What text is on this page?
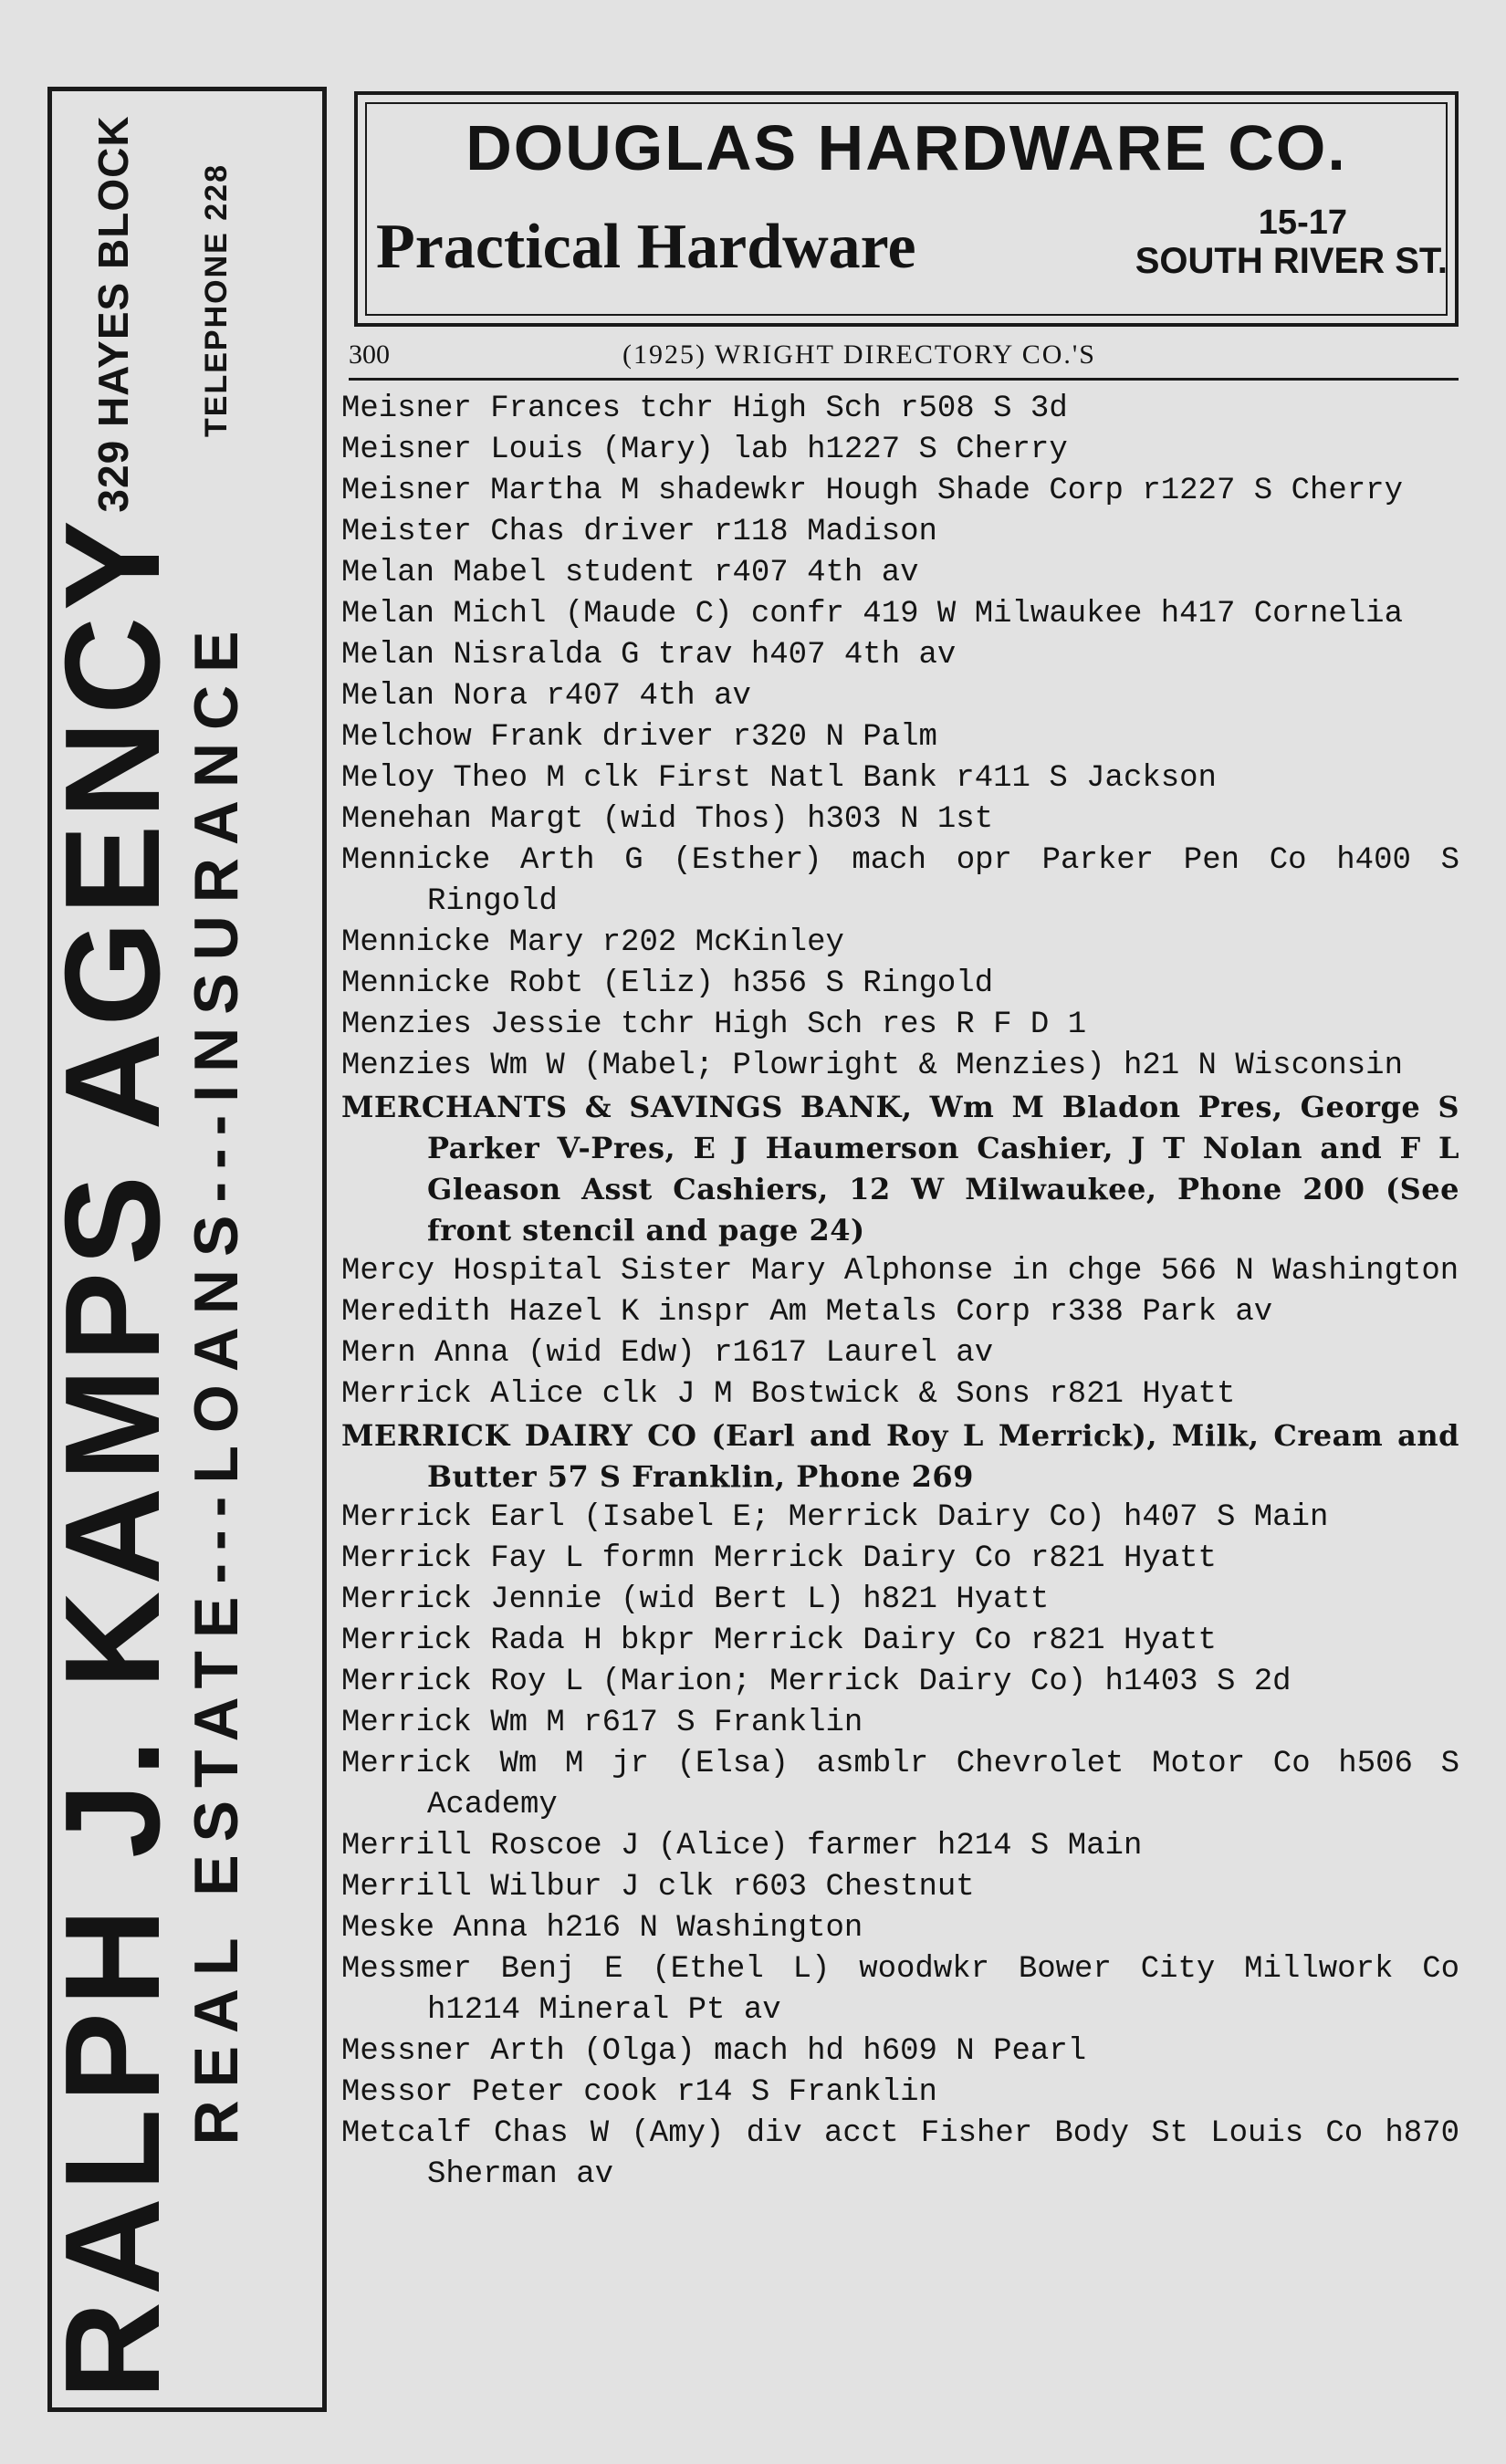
RALPH J. KAMPS AGENCY
329 HAYES BLOCK
REAL ESTATE---LOANS---INSURANCE
TELEPHONE 228
DOUGLAS HARDWARE CO.
Practical Hardware	15-17
SOUTH RIVER ST.
300	(1925) WRIGHT DIRECTORY CO.'S

Meisner Frances tchr High Sch r508 S 3d

Meisner Louis (Mary) lab h1227 S Cherry

Meisner Martha M shadewkr Hough Shade Corp r1227 S Cherry

Meister Chas driver r118 Madison

Melan Mabel student r407 4th av

Melan Michl (Maude C) confr 419 W Milwaukee h417 Cornelia

Melan Nisralda G trav h407 4th av

Melan Nora r407 4th av

Melchow Frank driver r320 N Palm

Meloy Theo M clk First Natl Bank r411 S Jackson

Menehan Margt (wid Thos) h303 N 1st

Mennicke Arth G (Esther) mach opr Parker Pen Co h400 S Ringold

Mennicke Mary r202 McKinley

Mennicke Robt (Eliz) h356 S Ringold

Menzies Jessie tchr High Sch res R F D 1

Menzies Wm W (Mabel; Plowright & Menzies) h21 N Wisconsin

MERCHANTS & SAVINGS BANK, Wm M Bladon Pres, George S Parker V-Pres, E J Haumerson Cashier, J T Nolan and F L Gleason Asst Cashiers, 12 W Milwaukee, Phone 200 (See front stencil and page 24)

Mercy Hospital Sister Mary Alphonse in chge 566 N Washington

Meredith Hazel K inspr Am Metals Corp r338 Park av

Mern Anna (wid Edw) r1617 Laurel av

Merrick Alice clk J M Bostwick & Sons r821 Hyatt

MERRICK DAIRY CO (Earl and Roy L Merrick), Milk, Cream and Butter 57 S Franklin, Phone 269

Merrick Earl (Isabel E; Merrick Dairy Co) h407 S Main

Merrick Fay L formn Merrick Dairy Co r821 Hyatt

Merrick Jennie (wid Bert L) h821 Hyatt

Merrick Rada H bkpr Merrick Dairy Co r821 Hyatt

Merrick Roy L (Marion; Merrick Dairy Co) h1403 S 2d

Merrick Wm M r617 S Franklin

Merrick Wm M jr (Elsa) asmblr Chevrolet Motor Co h506 S Academy

Merrill Roscoe J (Alice) farmer h214 S Main

Merrill Wilbur J clk r603 Chestnut

Meske Anna h216 N Washington

Messmer Benj E (Ethel L) woodwkr Bower City Millwork Co h1214 Mineral Pt av

Messner Arth (Olga) mach hd h609 N Pearl

Messor Peter cook r14 S Franklin

Metcalf Chas W (Amy) div acct Fisher Body St Louis Co h870 Sherman av
